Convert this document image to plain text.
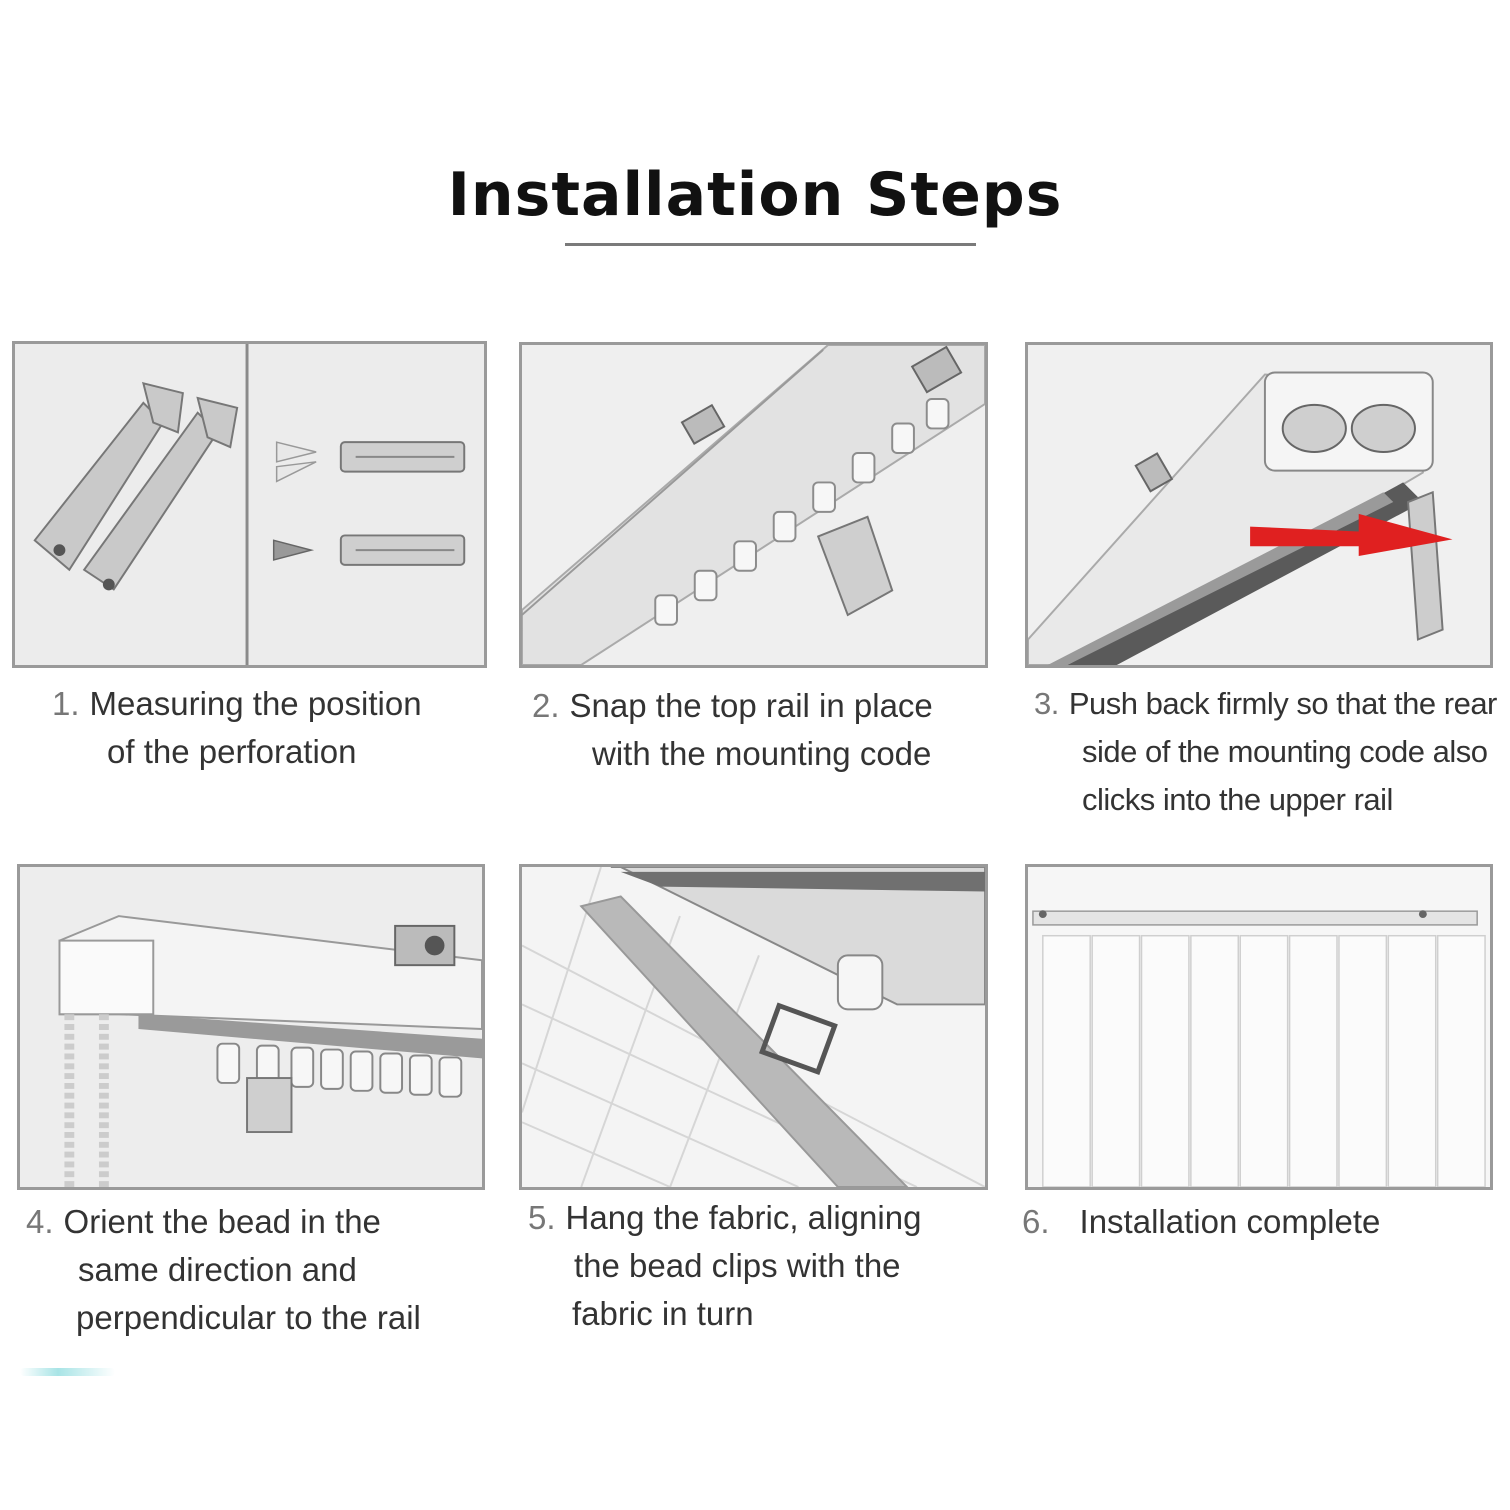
Installation Steps
1. Measuring the position
of the perforation
2. Snap the top rail in place
with the mounting code
3. Push back firmly so that the rear
side of the mounting code also
clicks into the upper rail
4. Orient the bead in the
same direction and
perpendicular to the rail
5. Hang the fabric, aligning
the bead clips with the
fabric in turn
6. Installation complete
